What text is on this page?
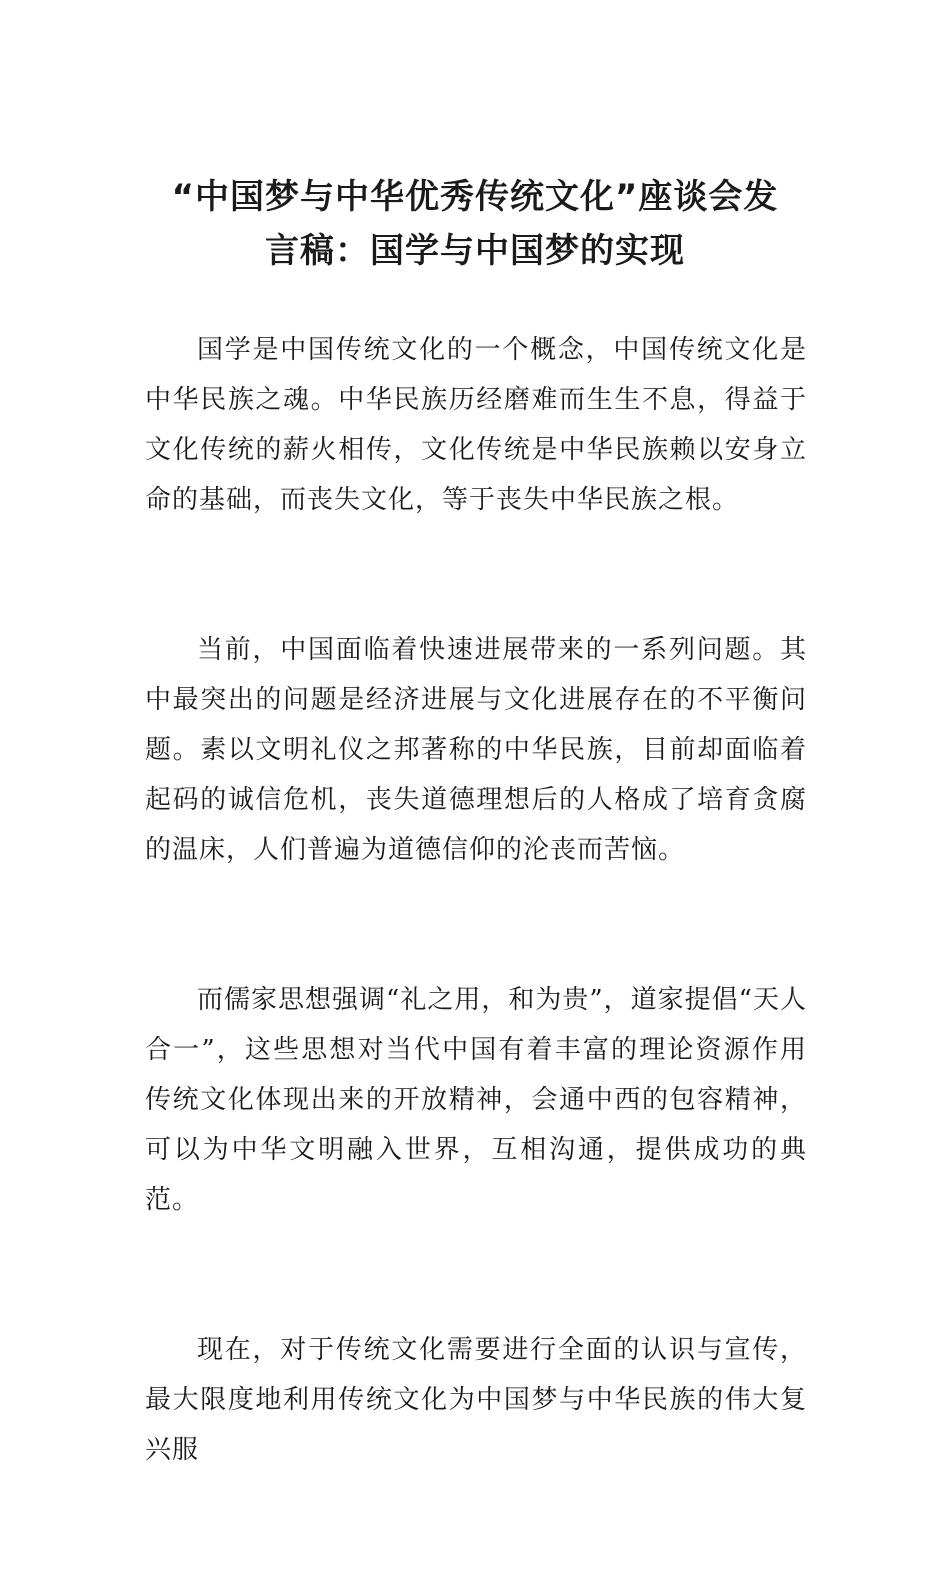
“中国梦与中华优秀传统文化”座谈会发
言稿：国学与中国梦的实现

国学是中国传统文化的一个概念，中国传统文化是中华民族之魂。中华民族历经磨难而生生不息，得益于文化传统的薪火相传，文化传统是中华民族赖以安身立命的基础，而丧失文化，等于丧失中华民族之根。

当前，中国面临着快速进展带来的一系列问题。其中最突出的问题是经济进展与文化进展存在的不平衡问题。素以文明礼仪之邦著称的中华民族，目前却面临着起码的诚信危机，丧失道德理想后的人格成了培育贪腐的温床，人们普遍为道德信仰的沦丧而苦恼。

而儒家思想强调“礼之用，和为贵”，道家提倡“天人合一”，这些思想对当代中国有着丰富的理论资源作用传统文化体现出来的开放精神，会通中西的包容精神，可以为中华文明融入世界，互相沟通，提供成功的典范。

现在，对于传统文化需要进行全面的认识与宣传，最大限度地利用传统文化为中国梦与中华民族的伟大复兴服
